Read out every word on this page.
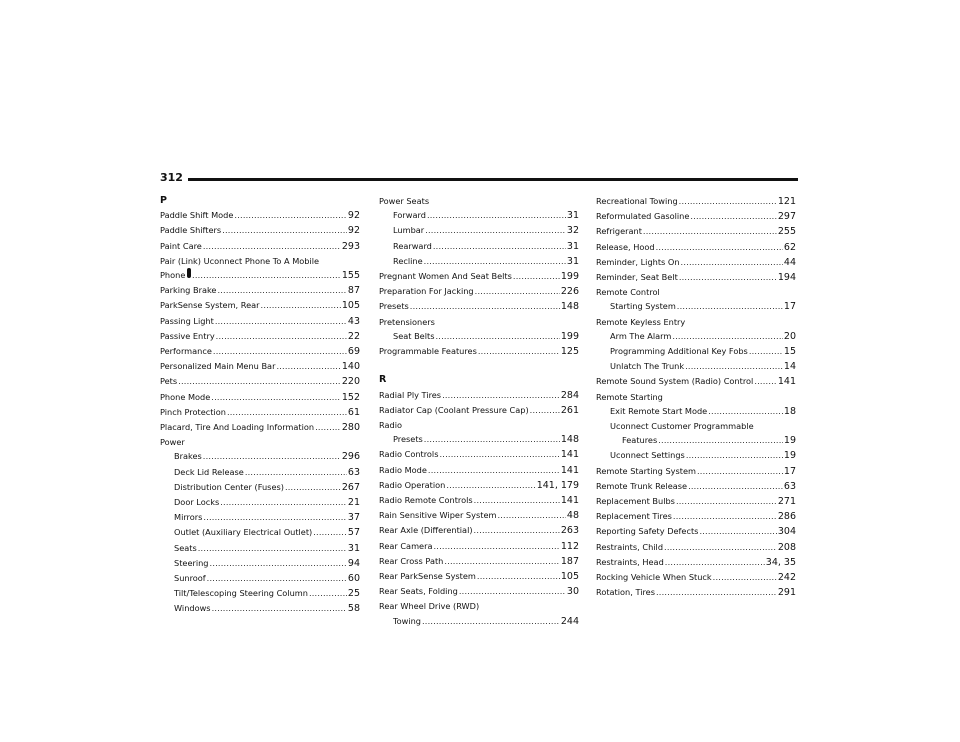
312
P
Paddle Shift Mode .....	92
Paddle Shifters .....	92
Paint Care .....	293
Pair (Link) Uconnect Phone To A Mobile
Phone .....	155
Parking Brake .....	87
ParkSense System, Rear .....	105
Passing Light .....	43
Passive Entry .....	22
Performance .....	69
Personalized Main Menu Bar .....	140
Pets .....	220
Phone Mode .....	152
Pinch Protection .....	61
Placard, Tire And Loading Information .....	280
Power
Brakes .....	296
Deck Lid Release .....	63
Distribution Center (Fuses) .....	267
Door Locks .....	21
Mirrors .....	37
Outlet (Auxiliary Electrical Outlet) .....	57
Seats .....	31
Steering .....	94
Sunroof .....	60
Tilt/Telescoping Steering Column .....	25
Windows .....	58
Power Seats
Forward .....	31
Lumbar .....	32
Rearward .....	31
Recline .....	31
Pregnant Women And Seat Belts .....	199
Preparation For Jacking .....	226
Presets .....	148
Pretensioners
Seat Belts .....	199
Programmable Features .....	125
R
Radial Ply Tires .....	284
Radiator Cap (Coolant Pressure Cap) .....	261
Radio
Presets .....	148
Radio Controls .....	141
Radio Mode .....	141
Radio Operation .....	141, 179
Radio Remote Controls .....	141
Rain Sensitive Wiper System .....	48
Rear Axle (Differential) .....	263
Rear Camera .....	112
Rear Cross Path .....	187
Rear ParkSense System .....	105
Rear Seats, Folding .....	30
Rear Wheel Drive (RWD)
Towing .....	244
Recreational Towing .....	121
Reformulated Gasoline .....	297
Refrigerant .....	255
Release, Hood .....	62
Reminder, Lights On .....	44
Reminder, Seat Belt .....	194
Remote Control
Starting System .....	17
Remote Keyless Entry
Arm The Alarm .....	20
Programming Additional Key Fobs .....	15
Unlatch The Trunk .....	14
Remote Sound System (Radio) Control .....	141
Remote Starting
Exit Remote Start Mode .....	18
Uconnect Customer Programmable
Features .....	19
Uconnect Settings .....	19
Remote Starting System .....	17
Remote Trunk Release .....	63
Replacement Bulbs .....	271
Replacement Tires .....	286
Reporting Safety Defects .....	304
Restraints, Child .....	208
Restraints, Head .....	34, 35
Rocking Vehicle When Stuck .....	242
Rotation, Tires .....	291
